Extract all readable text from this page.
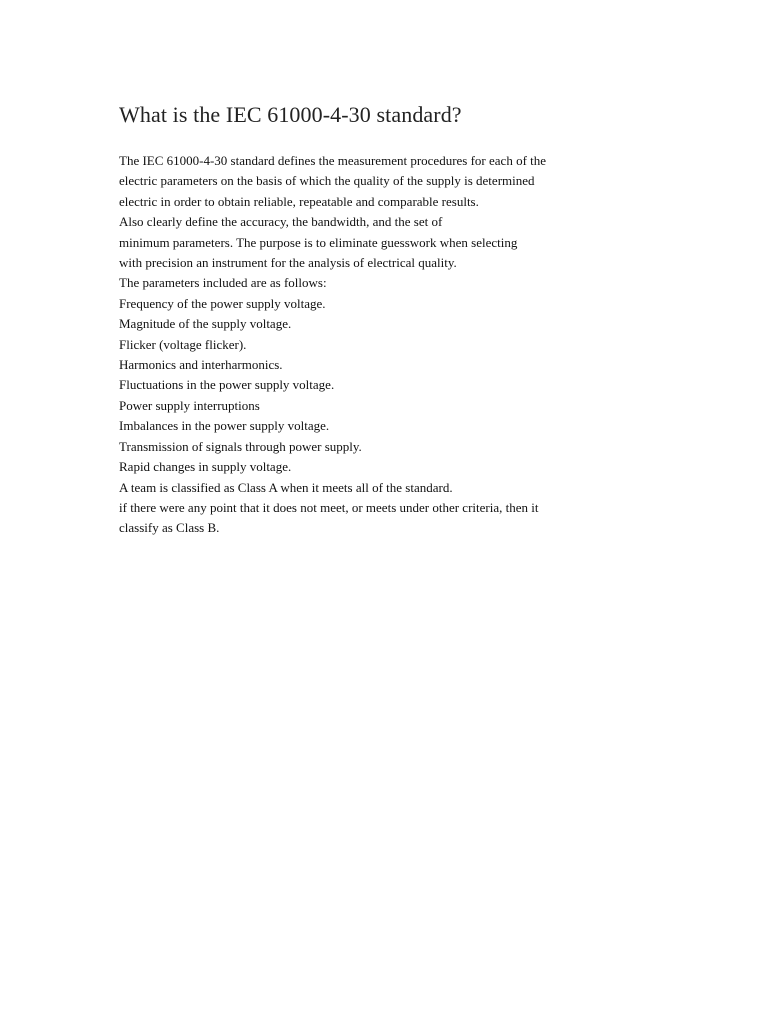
What is the IEC 61000-4-30 standard?

The IEC 61000-4-30 standard defines the measurement procedures for each of the

electric parameters on the basis of which the quality of the supply is determined

electric in order to obtain reliable, repeatable and comparable results.

Also clearly define the accuracy, the bandwidth, and the set of

minimum parameters. The purpose is to eliminate guesswork when selecting

with precision an instrument for the analysis of electrical quality.

The parameters included are as follows:

Frequency of the power supply voltage.

Magnitude of the supply voltage.

Flicker (voltage flicker).

Harmonics and interharmonics.

Fluctuations in the power supply voltage.

Power supply interruptions

Imbalances in the power supply voltage.

Transmission of signals through power supply.

Rapid changes in supply voltage.

A team is classified as Class A when it meets all of the standard.

if there were any point that it does not meet, or meets under other criteria, then it

classify as Class B.
